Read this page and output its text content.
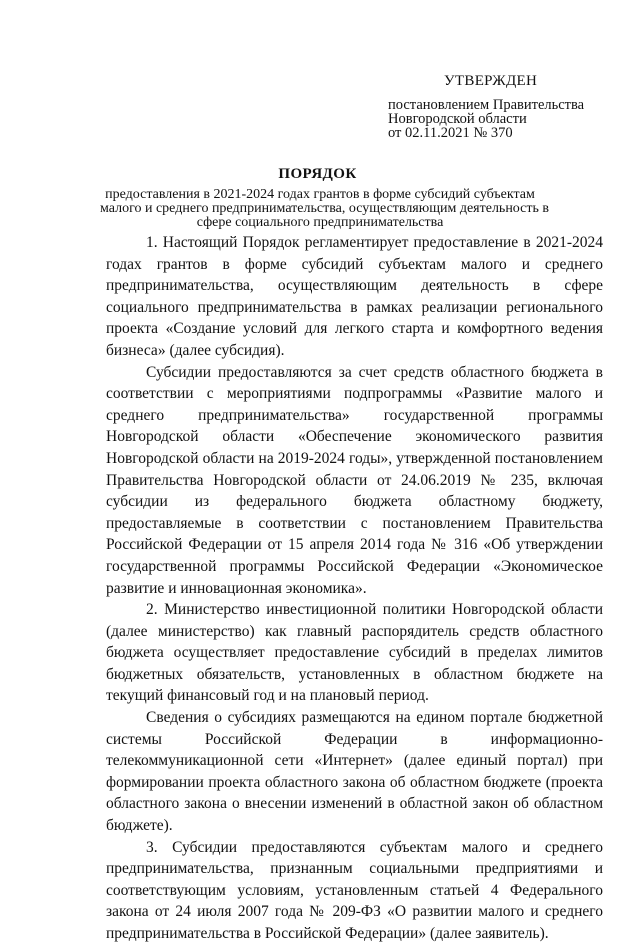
УТВЕРЖДЕН
постановлением Правительства
Новгородской области
от 02.11.2021 № 370
ПОРЯДОК
предоставления в 2021-2024 годах грантов в форме субсидий субъектам
малого и среднего предпринимательства, осуществляющим деятельность в
сфере социального предпринимательства

1. Настоящий Порядок регламентирует предоставление в 2021-2024 годах грантов в форме субсидий субъектам малого и среднего предпринимательства, осуществляющим деятельность в сфере социального предпринимательства в рамках реализации регионального проекта «Создание условий для легкого старта и комфортного ведения бизнеса» (далее субсидия).

Субсидии предоставляются за счет средств областного бюджета в соответствии с мероприятиями подпрограммы «Развитие малого и среднего предпринимательства» государственной программы Новгородской области «Обеспечение экономического развития Новгородской области на 2019-2024 годы», утвержденной постановлением Правительства Новгородской области от 24.06.2019 № 235, включая субсидии из федерального бюджета областному бюджету, предоставляемые в соответствии с постановлением Правительства Российской Федерации от 15 апреля 2014 года № 316 «Об утверждении государственной программы Российской Федерации «Экономическое развитие и инновационная экономика».

2. Министерство инвестиционной политики Новгородской области (далее министерство) как главный распорядитель средств областного бюджета осуществляет предоставление субсидий в пределах лимитов бюджетных обязательств, установленных в областном бюджете на текущий финансовый год и на плановый период.

Сведения о субсидиях размещаются на едином портале бюджетной системы Российской Федерации в информационно-телекоммуникационной сети «Интернет» (далее единый портал) при формировании проекта областного закона об областном бюджете (проекта областного закона о внесении изменений в областной закон об областном бюджете).

3. Субсидии предоставляются субъектам малого и среднего предпринимательства, признанным социальными предприятиями и соответствующим условиям, установленным статьей 4 Федерального закона от 24 июля 2007 года № 209-ФЗ «О развитии малого и среднего предпринимательства в Российской Федерации» (далее заявитель).
